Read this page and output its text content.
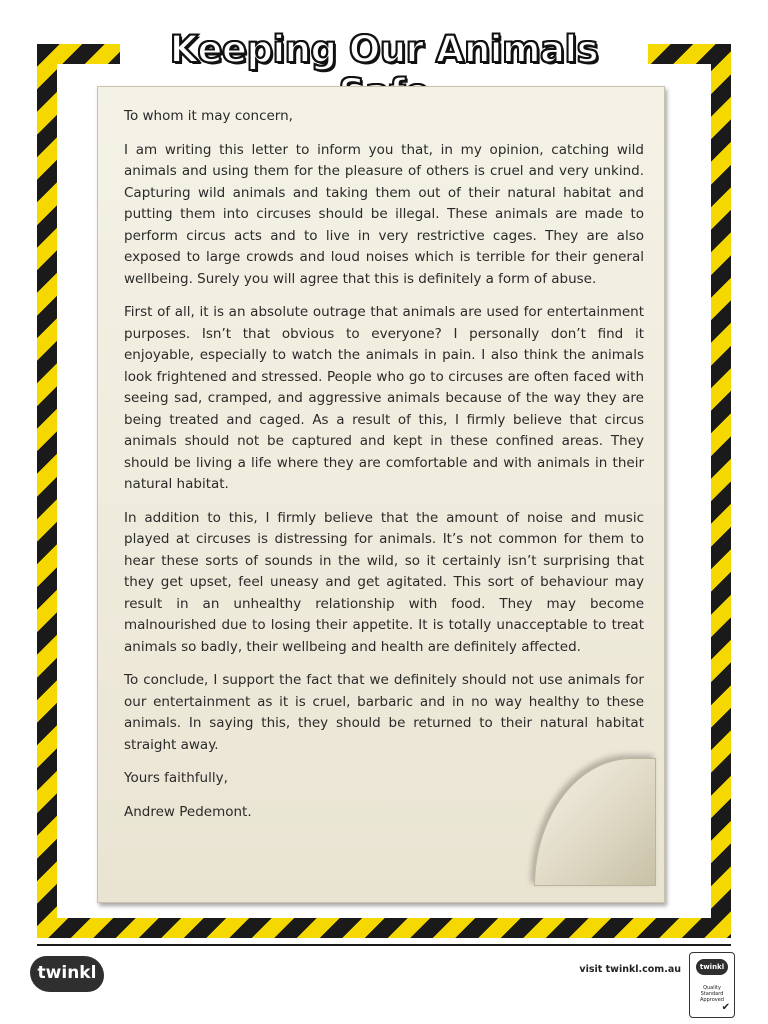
Keeping Our Animals

To whom it may concern,

I am writing this letter to inform you that, in my opinion, catching wild animals and using them for the pleasure of others is cruel and very unkind. Capturing wild animals and taking them out of their natural habitat and putting them into circuses should be illegal. These animals are made to perform circus acts and to live in very restrictive cages. They are also exposed to large crowds and loud noises which is terrible for their general wellbeing. Surely you will agree that this is definitely a form of abuse.

First of all, it is an absolute outrage that animals are used for entertainment purposes. Isn’t that obvious to everyone? I personally don’t find it enjoyable, especially to watch the animals in pain. I also think the animals look frightened and stressed. People who go to circuses are often faced with seeing sad, cramped, and aggressive animals because of the way they are being treated and caged. As a result of this, I firmly believe that circus animals should not be captured and kept in these confined areas. They should be living a life where they are comfortable and with animals in their natural habitat.

In addition to this, I firmly believe that the amount of noise and music played at circuses is distressing for animals. It’s not common for them to hear these sorts of sounds in the wild, so it certainly isn’t surprising that they get upset, feel uneasy and get agitated. This sort of behaviour may result in an unhealthy relationship with food. They may become malnourished due to losing their appetite. It is totally unacceptable to treat animals so badly, their wellbeing and health are definitely affected.

To conclude, I support the fact that we definitely should not use animals for our entertainment as it is cruel, barbaric and in no way healthy to these animals. In saying this, they should be returned to their natural habitat straight away.

Yours faithfully,

Andrew Pedemont.

twinkl	visit twinkl.com.au	twinkl
Quality Standard Approved
✔
